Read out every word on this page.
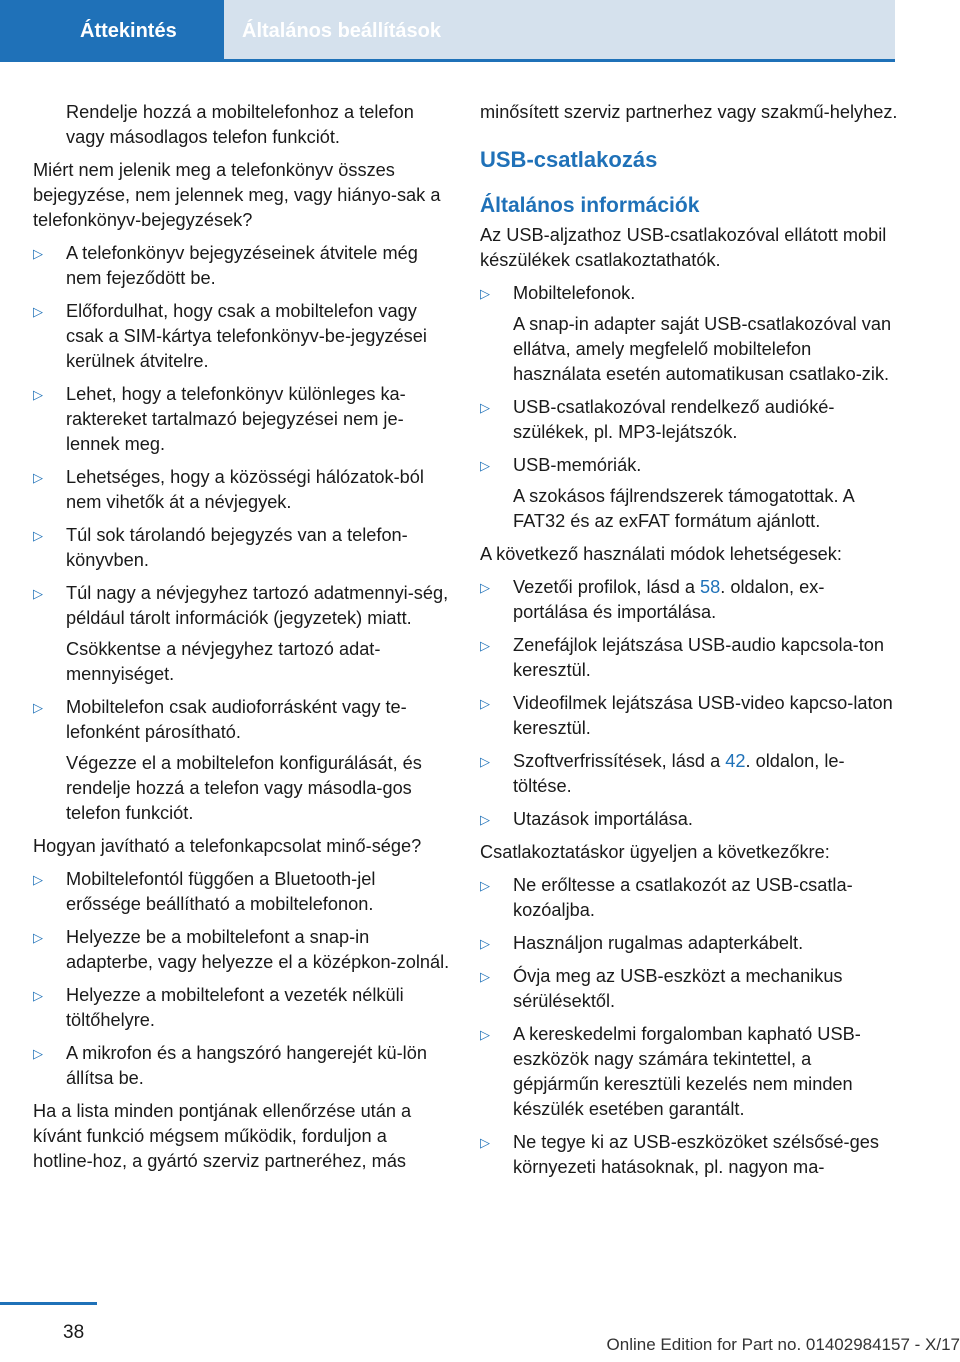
Áttekintés	Általános beállítások
Rendelje hozzá a mobiltelefonhoz a telefon vagy másodlagos telefon funkciót.
Miért nem jelenik meg a telefonkönyv összes bejegyzése, nem jelennek meg, vagy hiányo-sak a telefonkönyv-bejegyzések?
▷	A telefonkönyv bejegyzéseinek átvitele még nem fejeződött be.
▷	Előfordulhat, hogy csak a mobiltelefon vagy csak a SIM-kártya telefonkönyv-be-jegyzései kerülnek átvitelre.
▷	Lehet, hogy a telefonkönyv különleges ka-raktereket tartalmazó bejegyzései nem je-lennek meg.
▷	Lehetséges, hogy a közösségi hálózatok-ból nem vihetők át a névjegyek.
▷	Túl sok tárolandó bejegyzés van a telefon-könyvben.
▷	Túl nagy a névjegyhez tartozó adatmennyi-ség, például tárolt információk (jegyzetek) miatt.
Csökkentse a névjegyhez tartozó adat-mennyiséget.
▷	Mobiltelefon csak audioforrásként vagy te-lefonként párosítható.
Végezze el a mobiltelefon konfigurálását, és rendelje hozzá a telefon vagy másodla-gos telefon funkciót.
Hogyan javítható a telefonkapcsolat minő-sége?
▷	Mobiltelefontól függően a Bluetooth-jel erőssége beállítható a mobiltelefonon.
▷	Helyezze be a mobiltelefont a snap-in adapterbe, vagy helyezze el a középkon-zolnál.
▷	Helyezze a mobiltelefont a vezeték nélküli töltőhelyre.
▷	A mikrofon és a hangszóró hangerejét kü-lön állítsa be.
Ha a lista minden pontjának ellenőrzése után a kívánt funkció mégsem működik, forduljon a hotline-hoz, a gyártó szerviz partneréhez, más
minősített szerviz partnerhez vagy szakmű-helyhez.
USB-csatlakozás
Általános információk
Az USB-aljzathoz USB-csatlakozóval ellátott mobil készülékek csatlakoztathatók.
▷	Mobiltelefonok.
A snap-in adapter saját USB-csatlakozóval van ellátva, amely megfelelő mobiltelefon használata esetén automatikusan csatlako-zik.
▷	USB-csatlakozóval rendelkező audióké-szülékek, pl. MP3-lejátszók.
▷	USB-memóriák.
A szokásos fájlrendszerek támogatottak. A FAT32 és az exFAT formátum ajánlott.
A következő használati módok lehetségesek:
▷	Vezetői profilok, lásd a 58. oldalon, ex-portálása és importálása.
▷	Zenefájlok lejátszása USB-audio kapcsola-ton keresztül.
▷	Videofilmek lejátszása USB-video kapcso-laton keresztül.
▷	Szoftverfrissítések, lásd a 42. oldalon, le-töltése.
▷	Utazások importálása.
Csatlakoztatáskor ügyeljen a következőkre:
▷	Ne erőltesse a csatlakozót az USB-csatla-kozóaljba.
▷	Használjon rugalmas adapterkábelt.
▷	Óvja meg az USB-eszközt a mechanikus sérülésektől.
▷	A kereskedelmi forgalomban kapható USB-eszközök nagy számára tekintettel, a gépjárműn keresztüli kezelés nem minden készülék esetében garantált.
▷	Ne tegye ki az USB-eszközöket szélsősé-ges környezeti hatásoknak, pl. nagyon ma-
38
Online Edition for Part no. 01402984157 - X/17
